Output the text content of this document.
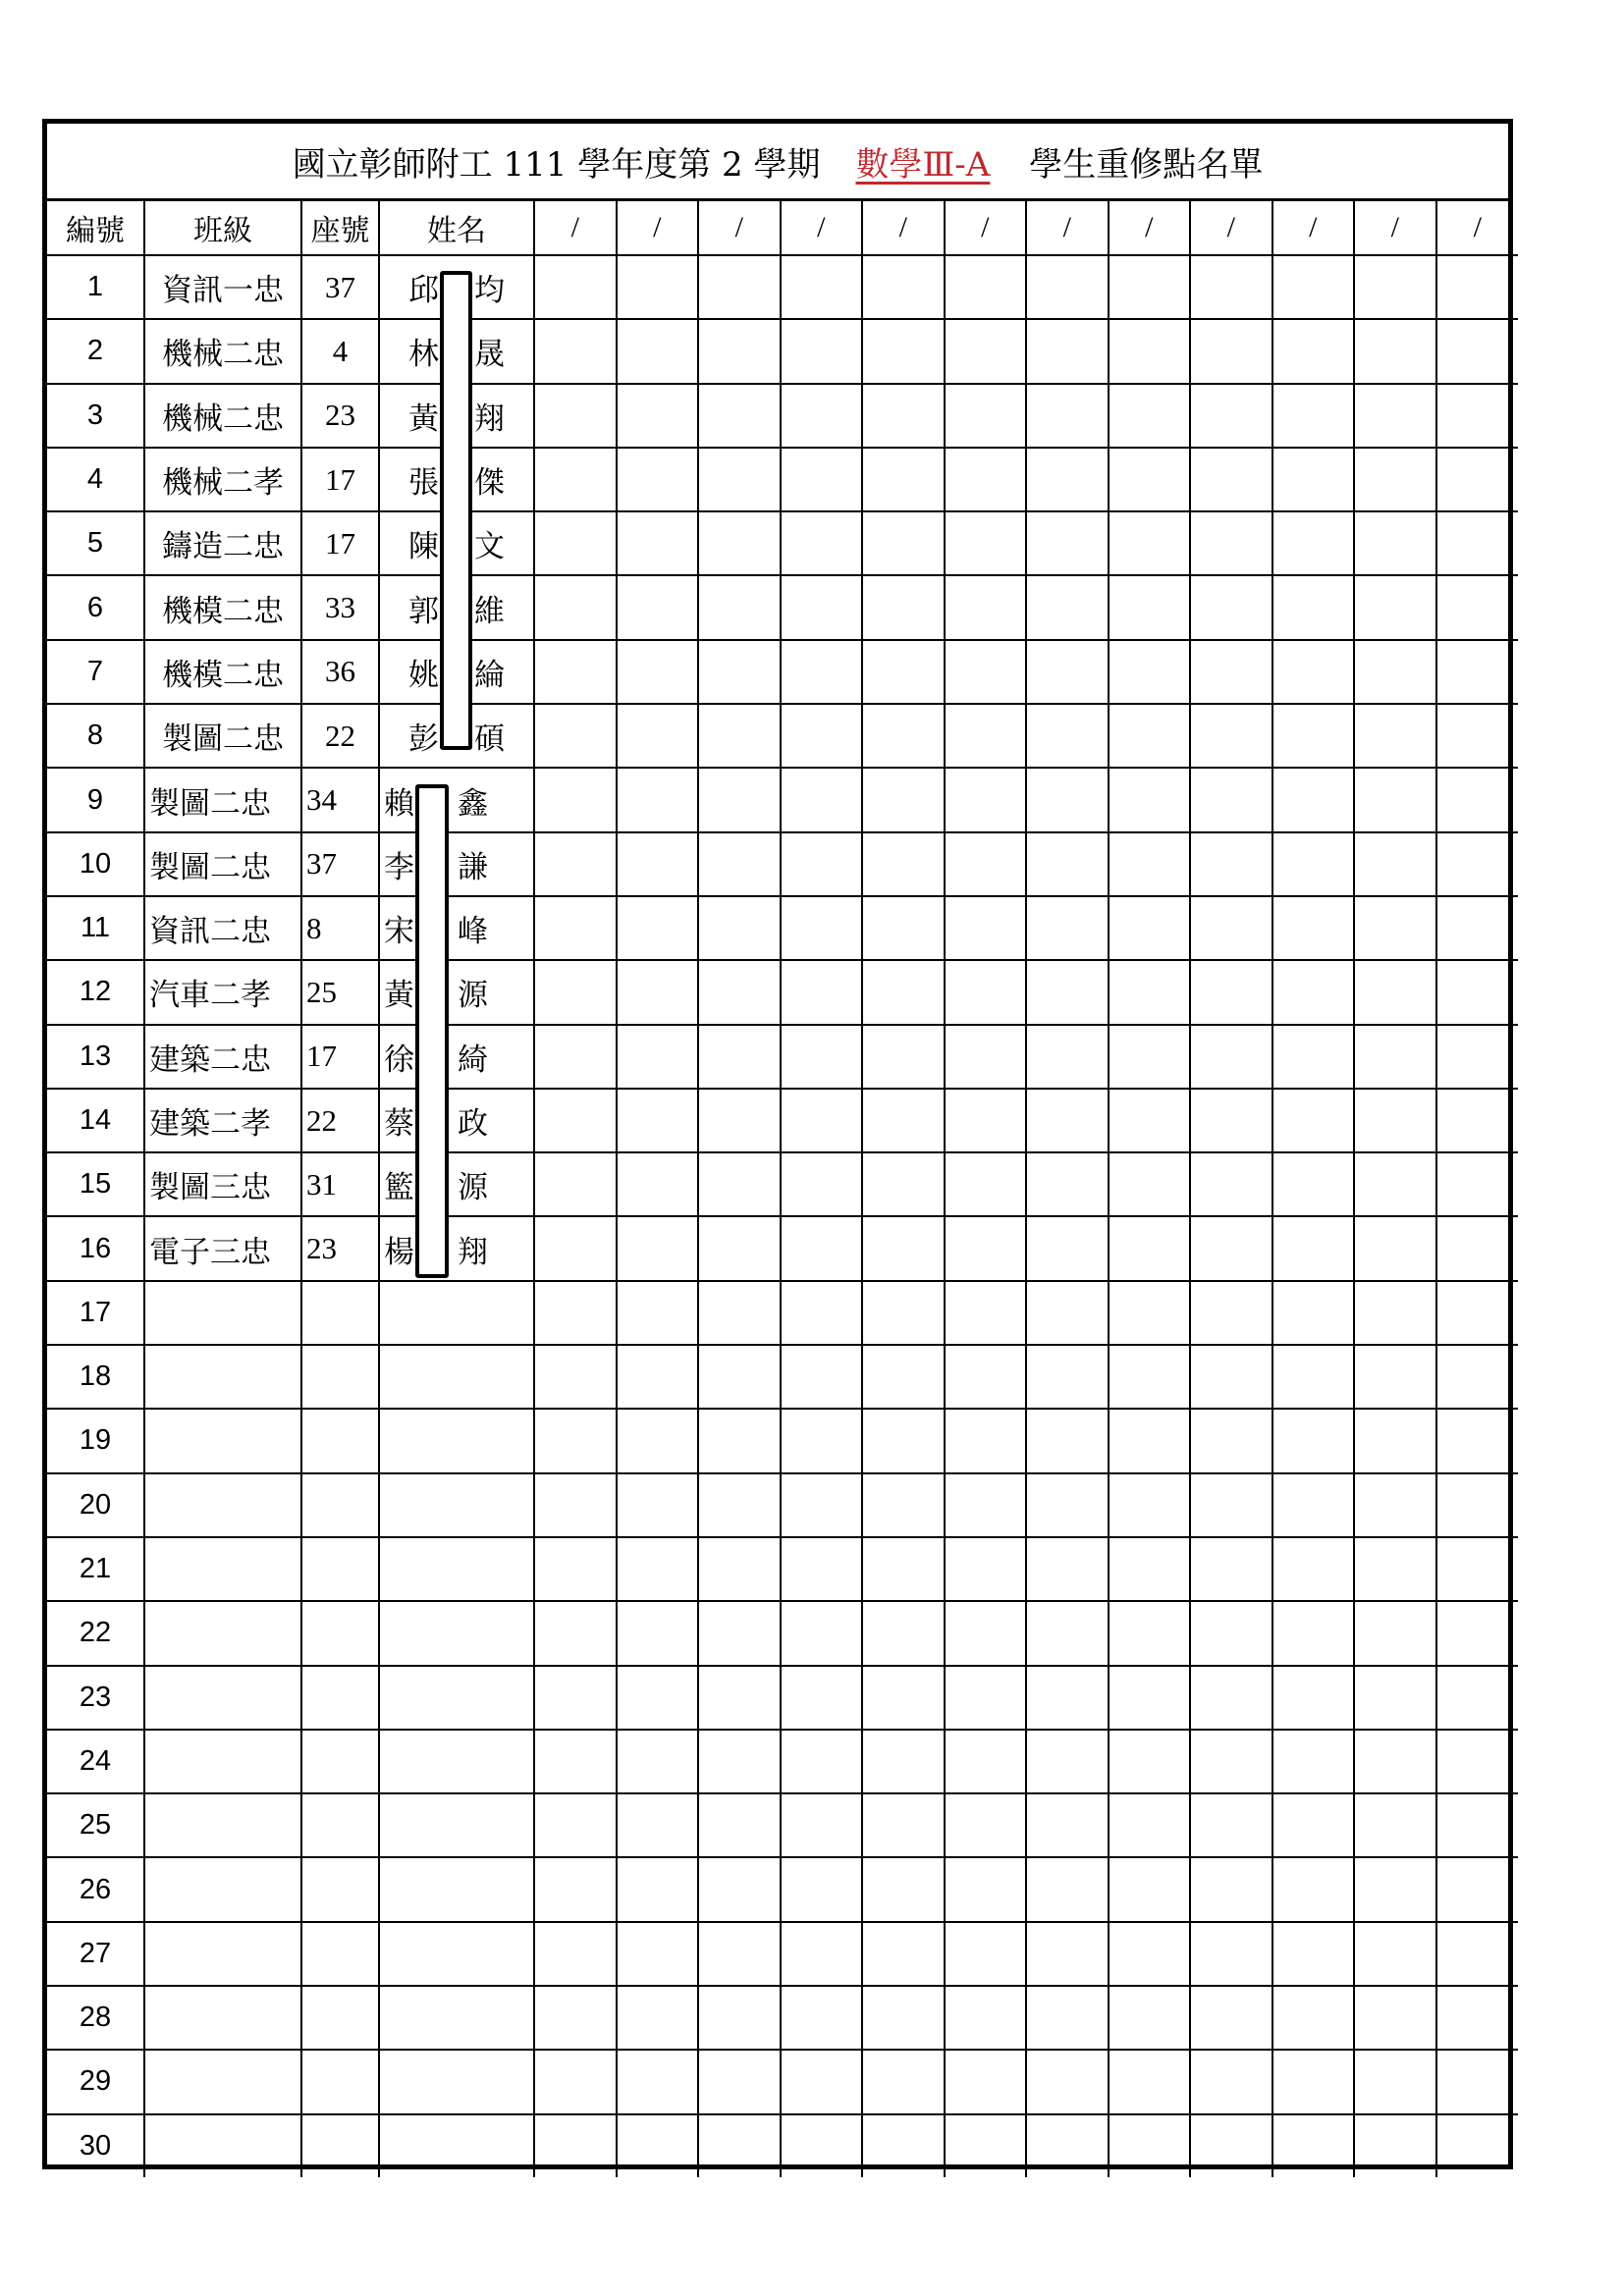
國立彰師附工 111 學年度第 2 學期 數學Ⅲ-A 學生重修點名單
編號	班級	座號	姓名	/	/	/	/	/	/	/	/	/	/	/	/
1	資訊一忠	37	邱 均												

2	機械二忠	4	林 晟												

3	機械二忠	23	黃 翔												

4	機械二孝	17	張 傑												

5	鑄造二忠	17	陳 文												

6	機模二忠	33	郭 維												

7	機模二忠	36	姚 綸												

8	製圖二忠	22	彭 碩												

9	製圖二忠	34	賴 鑫												

10	製圖二忠	37	李 謙												

11	資訊二忠	8	宋 峰												

12	汽車二孝	25	黃 源												

13	建築二忠	17	徐 綺												

14	建築二孝	22	蔡 政												

15	製圖三忠	31	籃 源												

16	電子三忠	23	楊 翔												

17															
18															
19															
20															
21															
22															
23															
24															
25															
26															
27															
28															
29															
30															
